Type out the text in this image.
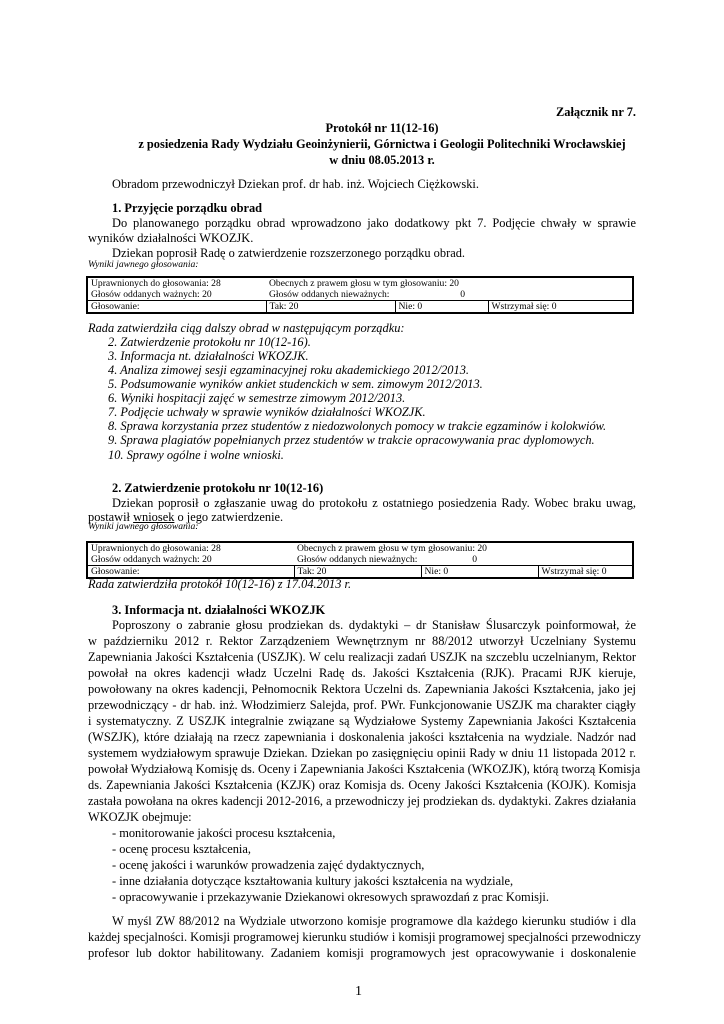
Załącznik nr 7.
Protokół nr 11(12-16)
z posiedzenia Rady Wydziału Geoinżynierii, Górnictwa i Geologii Politechniki Wrocławskiej
w dniu 08.05.2013 r.
Obradom przewodniczył Dziekan prof. dr hab. inż. Wojciech Ciężkowski.
1. Przyjęcie porządku obrad
Do planowanego porządku obrad wprowadzono jako dodatkowy pkt 7. Podjęcie chwały w sprawie
wyników działalności WKOZJK.
Dziekan poprosił Radę o zatwierdzenie rozszerzonego porządku obrad.
Wyniki jawnego głosowania:
Uprawnionych do głosowania: 28	Obecnych z prawem głosu w tym głosowaniu: 20		
Głosów oddanych ważnych: 20	Głosów oddanych nieważnych: 0		
Głosowanie:	Tak: 20	Nie: 0	Wstrzymał się: 0
Rada zatwierdziła ciąg dalszy obrad w następującym porządku:
2. Zatwierdzenie protokołu nr 10(12-16).
3. Informacja nt. działalności WKOZJK.
4. Analiza zimowej sesji egzaminacyjnej roku akademickiego 2012/2013.
5. Podsumowanie wyników ankiet studenckich w sem. zimowym 2012/2013.
6. Wyniki hospitacji zajęć w semestrze zimowym 2012/2013.
7. Podjęcie uchwały w sprawie wyników działalności WKOZJK.
8. Sprawa korzystania przez studentów z niedozwolonych pomocy w trakcie egzaminów i kolokwiów.
9. Sprawa plagiatów popełnianych przez studentów w trakcie opracowywania prac dyplomowych.
10. Sprawy ogólne i wolne wnioski.
2. Zatwierdzenie protokołu nr 10(12-16)
Dziekan poprosił o zgłaszanie uwag do protokołu z ostatniego posiedzenia Rady. Wobec braku uwag,
postawił wniosek o jego zatwierdzenie.
Wyniki jawnego głosowania:
Uprawnionych do głosowania: 28	Obecnych z prawem głosu w tym głosowaniu: 20		
Głosów oddanych ważnych: 20	Głosów oddanych nieważnych: 0		
Głosowanie:	Tak: 20	Nie: 0	Wstrzymał się: 0
Rada zatwierdziła protokół 10(12-16) z 17.04.2013 r.
3. Informacja nt. działalności WKOZJK
Poproszony o zabranie głosu prodziekan ds. dydaktyki – dr Stanisław Ślusarczyk poinformował, że
w październiku 2012 r. Rektor Zarządzeniem Wewnętrznym nr 88/2012 utworzył Uczelniany Systemu
Zapewniania Jakości Kształcenia (USZJK). W celu realizacji zadań USZJK na szczeblu uczelnianym, Rektor
powołał na okres kadencji władz Uczelni Radę ds. Jakości Kształcenia (RJK). Pracami RJK kieruje,
powołowany na okres kadencji, Pełnomocnik Rektora Uczelni ds. Zapewniania Jakości Kształcenia, jako jej
przewodniczący - dr hab. inż. Włodzimierz Salejda, prof. PWr. Funkcjonowanie USZJK ma charakter ciągły
i systematyczny. Z USZJK integralnie związane są Wydziałowe Systemy Zapewniania Jakości Kształcenia
(WSZJK), które działają na rzecz zapewniania i doskonalenia jakości kształcenia na wydziale. Nadzór nad
systemem wydziałowym sprawuje Dziekan. Dziekan po zasięgnięciu opinii Rady w dniu 11 listopada 2012 r.
powołał Wydziałową Komisję ds. Oceny i Zapewniania Jakości Kształcenia (WKOZJK), którą tworzą Komisja
ds. Zapewniania Jakości Kształcenia (KZJK) oraz Komisja ds. Oceny Jakości Kształcenia (KOJK). Komisja
zastała powołana na okres kadencji 2012-2016, a przewodniczy jej prodziekan ds. dydaktyki. Zakres działania
WKOZJK obejmuje:
- monitorowanie jakości procesu kształcenia,
- ocenę procesu kształcenia,
- ocenę jakości i warunków prowadzenia zajęć dydaktycznych,
- inne działania dotyczące kształtowania kultury jakości kształcenia na wydziale,
- opracowywanie i przekazywanie Dziekanowi okresowych sprawozdań z prac Komisji.
W myśl ZW 88/2012 na Wydziale utworzono komisje programowe dla każdego kierunku studiów i dla
każdej specjalności. Komisji programowej kierunku studiów i komisji programowej specjalności przewodniczy
profesor lub doktor habilitowany. Zadaniem komisji programowych jest opracowywanie i doskonalenie
1
